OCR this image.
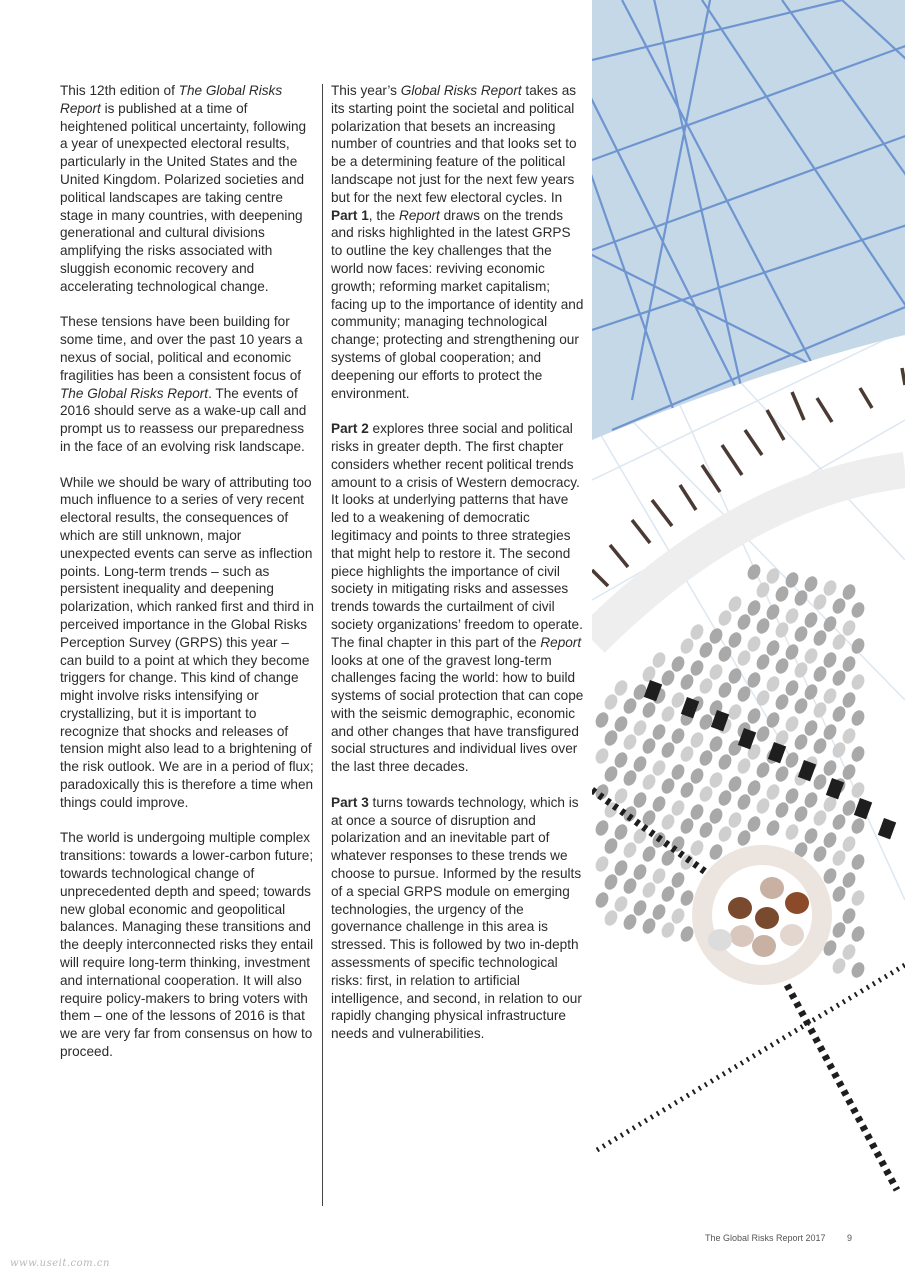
This 12th edition of The Global Risks Report is published at a time of heightened political uncertainty, following a year of unexpected electoral results, particularly in the United States and the United Kingdom. Polarized societies and political landscapes are taking centre stage in many countries, with deepening generational and cultural divisions amplifying the risks associated with sluggish economic recovery and accelerating technological change.

These tensions have been building for some time, and over the past 10 years a nexus of social, political and economic fragilities has been a consistent focus of The Global Risks Report. The events of 2016 should serve as a wake-up call and prompt us to reassess our preparedness in the face of an evolving risk landscape.

While we should be wary of attributing too much influence to a series of very recent electoral results, the consequences of which are still unknown, major unexpected events can serve as inflection points. Long-term trends – such as persistent inequality and deepening polarization, which ranked first and third in perceived importance in the Global Risks Perception Survey (GRPS) this year – can build to a point at which they become triggers for change. This kind of change might involve risks intensifying or crystallizing, but it is important to recognize that shocks and releases of tension might also lead to a brightening of the risk outlook. We are in a period of flux; paradoxically this is therefore a time when things could improve.

The world is undergoing multiple complex transitions: towards a lower-carbon future; towards technological change of unprecedented depth and speed; towards new global economic and geopolitical balances. Managing these transitions and the deeply interconnected risks they entail will require long-term thinking, investment and international cooperation. It will also require policy-makers to bring voters with them – one of the lessons of 2016 is that we are very far from consensus on how to proceed.

This year’s Global Risks Report takes as its starting point the societal and political polarization that besets an increasing number of countries and that looks set to be a determining feature of the political landscape not just for the next few years but for the next few electoral cycles. In Part 1, the Report draws on the trends and risks highlighted in the latest GRPS to outline the key challenges that the world now faces: reviving economic growth; reforming market capitalism; facing up to the importance of identity and community; managing technological change; protecting and strengthening our systems of global cooperation; and deepening our efforts to protect the environment.

Part 2 explores three social and political risks in greater depth. The first chapter considers whether recent political trends amount to a crisis of Western democracy. It looks at underlying patterns that have led to a weakening of democratic legitimacy and points to three strategies that might help to restore it. The second piece highlights the importance of civil society in mitigating risks and assesses trends towards the curtailment of civil society organizations’ freedom to operate. The final chapter in this part of the Report looks at one of the gravest long-term challenges facing the world: how to build systems of social protection that can cope with the seismic demographic, economic and other changes that have transfigured social structures and individual lives over the last three decades.

Part 3 turns towards technology, which is at once a source of disruption and polarization and an inevitable part of whatever responses to these trends we choose to pursue. Informed by the results of a special GRPS module on emerging technologies, the urgency of the governance challenge in this area is stressed. This is followed by two in-depth assessments of specific technological risks: first, in relation to artificial intelligence, and second, in relation to our rapidly changing physical infrastructure needs and vulnerabilities.

The Global Risks Report 2017 9
www.useit.com.cn
